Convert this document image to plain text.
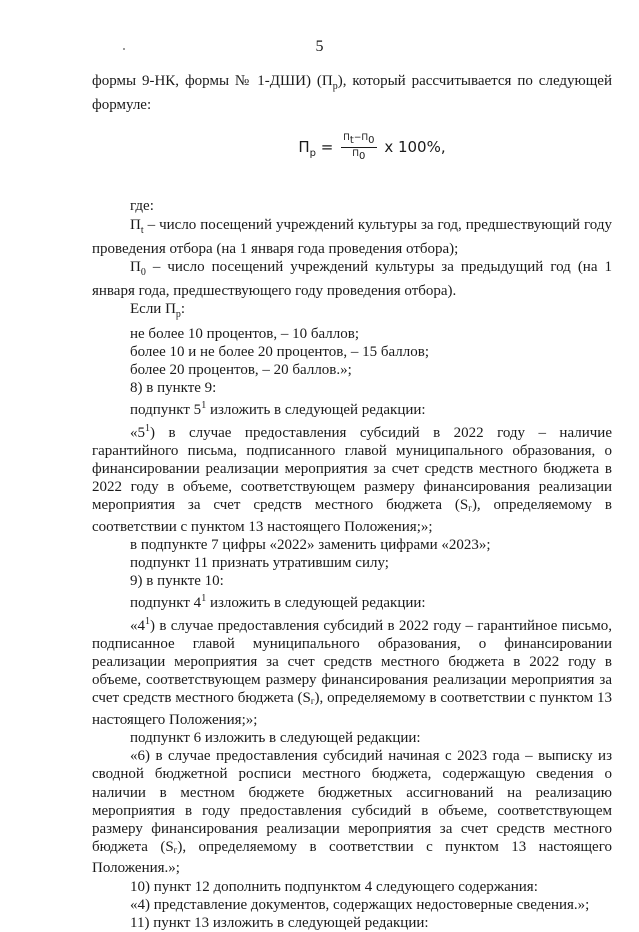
5

формы 9-НК, формы № 1-ДШИ) $(П_p)$, который рассчитывается по следующей формуле:

$П_p = \frac{П_t-П_0}{П_0}$ x 100%,

где:

$П_t$ – число посещений учреждений культуры за год, предшествующий году проведения отбора (на 1 января года проведения отбора);

$П_0$ – число посещений учреждений культуры за предыдущий год (на 1 января года, предшествующего году проведения отбора).

Если $П_p$:

не более 10 процентов, – 10 баллов;

более 10 и не более 20 процентов, – 15 баллов;

более 20 процентов, – 20 баллов.»;

8) в пункте 9:

подпункт $5^1$ изложить в следующей редакции:

«$5^1$) в случае предоставления субсидий в 2022 году – наличие гарантийного письма, подписанного главой муниципального образования, о финансировании реализации мероприятия за счет средств местного бюджета в 2022 году в объеме, соответствующем размеру финансирования реализации мероприятия за счет средств местного бюджета (Sг), определяемому в соответствии с пунктом 13 настоящего Положения;»;

в подпункте 7 цифры «2022» заменить цифрами «2023»;

подпункт 11 признать утратившим силу;

9) в пункте 10:

подпункт $4^1$ изложить в следующей редакции:

«$4^1$) в случае предоставления субсидий в 2022 году – гарантийное письмо, подписанное главой муниципального образования, о финансировании реализации мероприятия за счет средств местного бюджета в 2022 году в объеме, соответствующем размеру финансирования реализации мероприятия за счет средств местного бюджета (Sг), определяемому в соответствии с пунктом 13 настоящего Положения;»;

подпункт 6 изложить в следующей редакции:

«6) в случае предоставления субсидий начиная с 2023 года – выписку из сводной бюджетной росписи местного бюджета, содержащую сведения о наличии в местном бюджете бюджетных ассигнований на реализацию мероприятия в году предоставления субсидий в объеме, соответствующем размеру финансирования реализации мероприятия за счет средств местного бюджета (Sг), определяемому в соответствии с пунктом 13 настоящего Положения.»;

10) пункт 12 дополнить подпунктом 4 следующего содержания:

«4) представление документов, содержащих недостоверные сведения.»;

11) пункт 13 изложить в следующей редакции:
